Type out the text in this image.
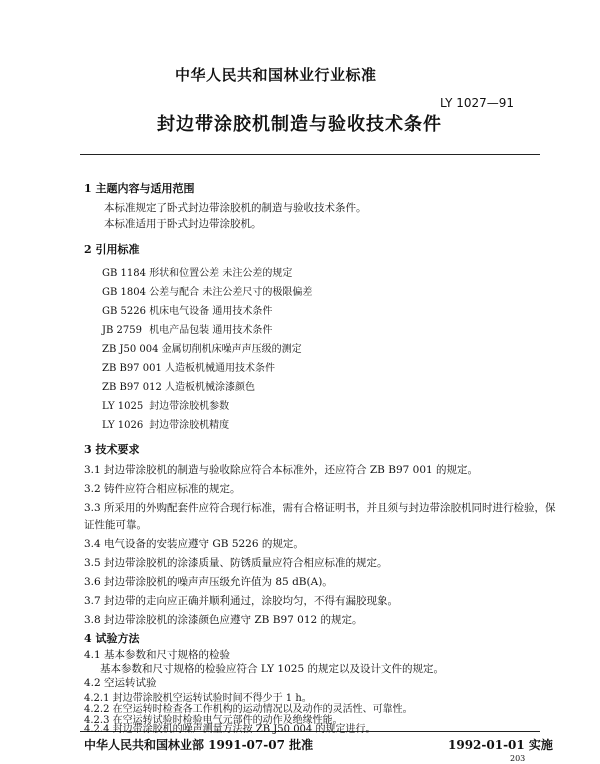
中华人民共和国林业行业标准
LY 1027—91
封边带涂胶机制造与验收技术条件
1 主题内容与适用范围
本标准规定了卧式封边带涂胶机的制造与验收技术条件。
本标准适用于卧式封边带涂胶机。
2 引用标准
GB 1184 形状和位置公差 未注公差的规定
GB 1804 公差与配合 未注公差尺寸的极限偏差
GB 5226 机床电气设备 通用技术条件
JB 2759 机电产品包装 通用技术条件
ZB J50 004 金属切削机床噪声声压级的测定
ZB B97 001 人造板机械通用技术条件
ZB B97 012 人造板机械涂漆颜色
LY 1025 封边带涂胶机参数
LY 1026 封边带涂胶机精度
3 技术要求
3.1 封边带涂胶机的制造与验收除应符合本标准外，还应符合 ZB B97 001 的规定。
3.2 铸件应符合相应标准的规定。
3.3 所采用的外购配套件应符合现行标准，需有合格证明书，并且须与封边带涂胶机同时进行检验，保
证性能可靠。
3.4 电气设备的安装应遵守 GB 5226 的规定。
3.5 封边带涂胶机的涂漆质量、防锈质量应符合相应标准的规定。
3.6 封边带涂胶机的噪声声压级允许值为 85 dB(A)。
3.7 封边带的走向应正确并顺利通过，涂胶均匀，不得有漏胶现象。
3.8 封边带涂胶机的涂漆颜色应遵守 ZB B97 012 的规定。
4 试验方法
4.1 基本参数和尺寸规格的检验
基本参数和尺寸规格的检验应符合 LY 1025 的规定以及设计文件的规定。
4.2 空运转试验
4.2.1 封边带涂胶机空运转试验时间不得少于 1 h。
中华人民共和国林业部 1991-07-07 批准	1992-01-01 实施
203
4.2.2 在空运转时检查各工作机构的运动情况以及动作的灵活性、可靠性。
4.2.3 在空运转试验时检验电气元部件的动作及绝缘性能。
4.2.4 封边带涂胶机的噪声测量方法按 ZB J50 004 的规定进行。
